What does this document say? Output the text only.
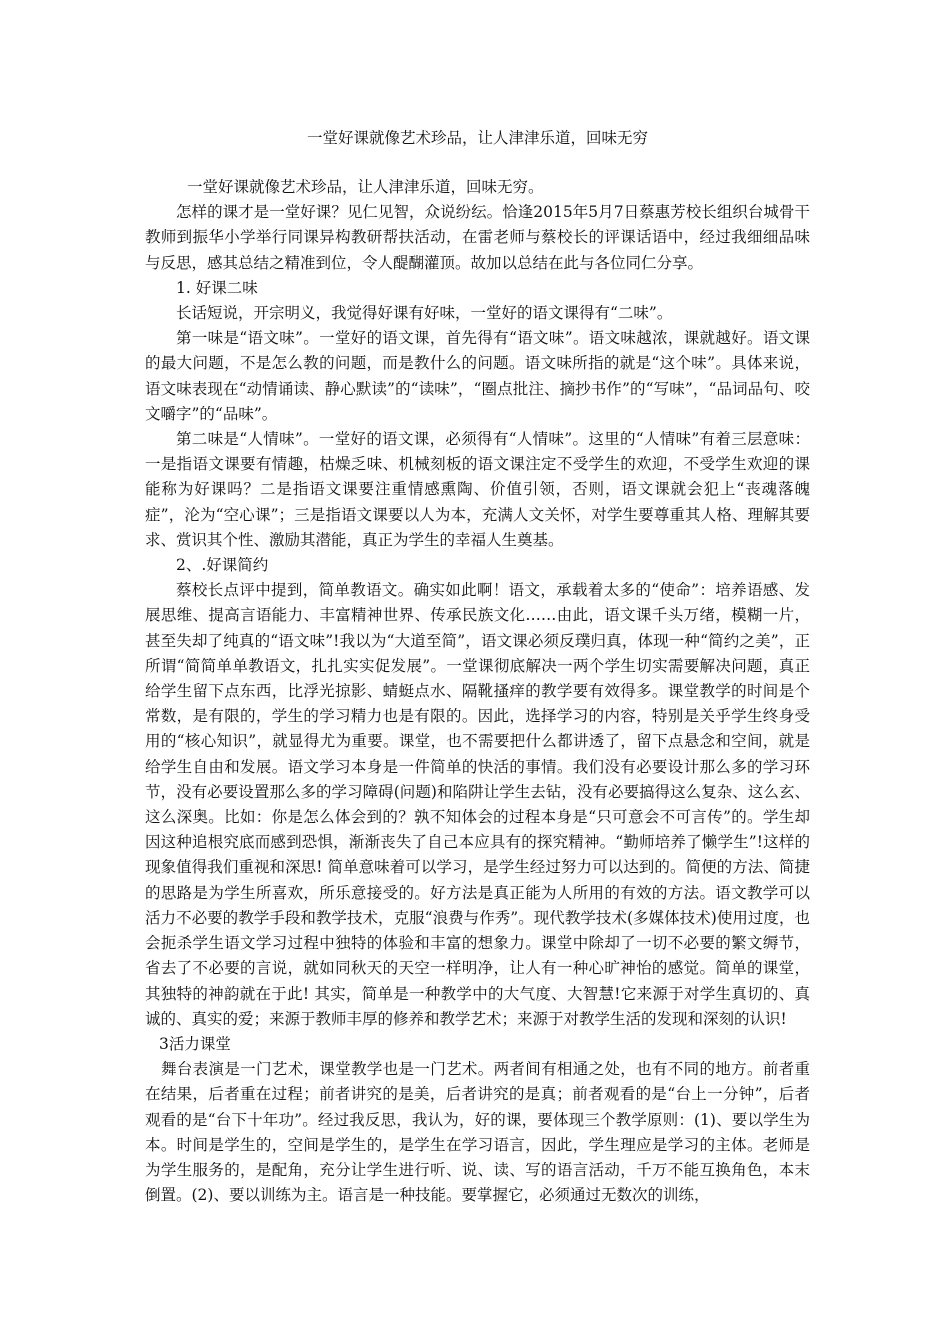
一堂好课就像艺术珍品，让人津津乐道，回味无穷

一堂好课就像艺术珍品，让人津津乐道，回味无穷。

怎样的课才是一堂好课？见仁见智，众说纷纭。恰逢2015年5月7日蔡惠芳校长组织台城骨干教师到振华小学举行同课异构教研帮扶活动，在雷老师与蔡校长的评课话语中，经过我细细品味与反思，感其总结之精准到位，令人醍醐灌顶。故加以总结在此与各位同仁分享。

1. 好课二味

长话短说，开宗明义，我觉得好课有好味，一堂好的语文课得有“二味”。

第一味是“语文味”。一堂好的语文课，首先得有“语文味”。语文味越浓，课就越好。语文课的最大问题，不是怎么教的问题，而是教什么的问题。语文味所指的就是“这个味”。具体来说，语文味表现在“动情诵读、静心默读”的“读味”，“圈点批注、摘抄书作”的“写味”，“品词品句、咬文嚼字”的“品味”。

第二味是“人情味”。一堂好的语文课，必须得有“人情味”。这里的“人情味”有着三层意味：一是指语文课要有情趣，枯燥乏味、机械刻板的语文课注定不受学生的欢迎，不受学生欢迎的课能称为好课吗？二是指语文课要注重情感熏陶、价值引领，否则，语文课就会犯上“丧魂落魄症”，沦为“空心课”；三是指语文课要以人为本，充满人文关怀，对学生要尊重其人格、理解其要求、赏识其个性、激励其潜能，真正为学生的幸福人生奠基。

2、.好课简约

蔡校长点评中提到，简单教语文。确实如此啊！语文，承载着太多的“使命”：培养语感、发展思维、提高言语能力、丰富精神世界、传承民族文化……由此，语文课千头万绪，模糊一片，甚至失却了纯真的“语文味”!我以为“大道至简”，语文课必须反璞归真，体现一种“简约之美”，正所谓“简简单单教语文，扎扎实实促发展”。一堂课彻底解决一两个学生切实需要解决问题，真正给学生留下点东西，比浮光掠影、蜻蜓点水、隔靴搔痒的教学要有效得多。课堂教学的时间是个常数，是有限的，学生的学习精力也是有限的。因此，选择学习的内容，特别是关乎学生终身受用的“核心知识”，就显得尤为重要。课堂，也不需要把什么都讲透了，留下点悬念和空间，就是给学生自由和发展。语文学习本身是一件简单的快活的事情。我们没有必要设计那么多的学习环节，没有必要设置那么多的学习障碍(问题)和陷阱让学生去钻，没有必要搞得这么复杂、这么玄、这么深奥。比如：你是怎么体会到的？孰不知体会的过程本身是“只可意会不可言传”的。学生却因这种追根究底而感到恐惧，渐渐丧失了自己本应具有的探究精神。“勤师培养了懒学生”!这样的现象值得我们重视和深思! 简单意味着可以学习，是学生经过努力可以达到的。简便的方法、简捷的思路是为学生所喜欢，所乐意接受的。好方法是真正能为人所用的有效的方法。语文教学可以活力不必要的教学手段和教学技术，克服“浪费与作秀”。现代教学技术(多媒体技术)使用过度，也会扼杀学生语文学习过程中独特的体验和丰富的想象力。课堂中除却了一切不必要的繁文缛节，省去了不必要的言说，就如同秋天的天空一样明净，让人有一种心旷神怡的感觉。简单的课堂，其独特的神韵就在于此! 其实，简单是一种教学中的大气度、大智慧!它来源于对学生真切的、真诚的、真实的爱；来源于教师丰厚的修养和教学艺术；来源于对教学生活的发现和深刻的认识!

3活力课堂

舞台表演是一门艺术，课堂教学也是一门艺术。两者间有相通之处，也有不同的地方。前者重在结果，后者重在过程；前者讲究的是美，后者讲究的是真；前者观看的是“台上一分钟”，后者观看的是“台下十年功”。经过我反思，我认为，好的课，要体现三个教学原则：(1)、要以学生为本。时间是学生的，空间是学生的，是学生在学习语言，因此，学生理应是学习的主体。老师是为学生服务的，是配角，充分让学生进行听、说、读、写的语言活动，千万不能互换角色，本末倒置。(2)、要以训练为主。语言是一种技能。要掌握它，必须通过无数次的训练，
